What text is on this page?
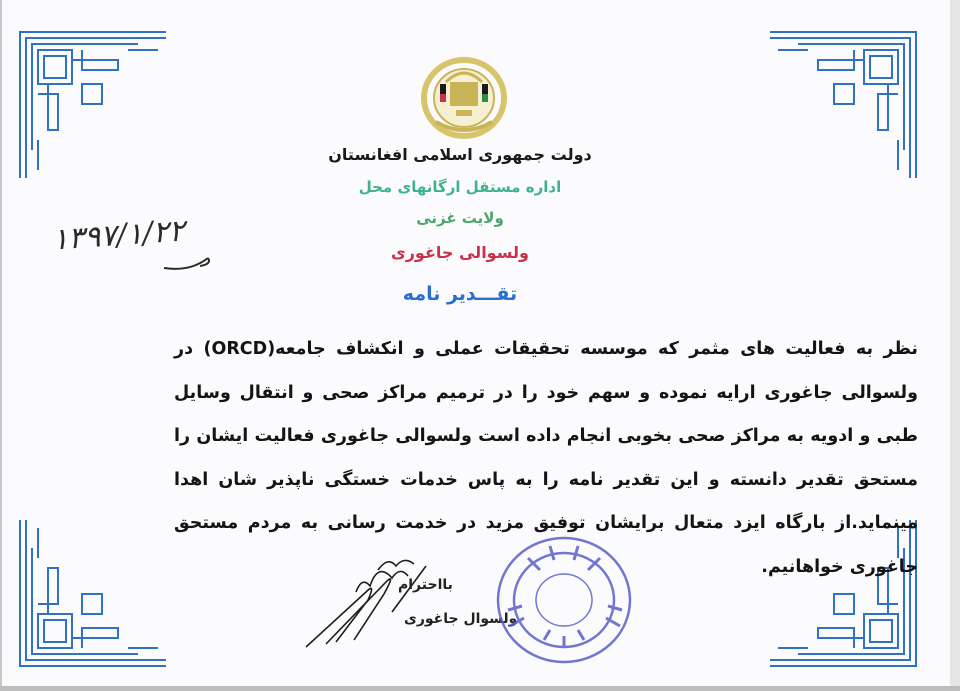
دولت جمهوری اسلامی افغانستان
اداره مستقل ارگانهای محل
ولایت غزنی
ولسوالی جاغوری
تقـــدیر نامه
۱۳۹۷/۱/۲۲

نظر به فعالیت های مثمر که موسسه تحقیقات عملی و انکشاف جامعه(ORCD) در ولسوالی جاغوری ارایه نموده و سهم خود را در ترمیم مراکز صحی و انتقال وسایل طبی و ادویه به مراکز صحی بخوبی انجام داده است ولسوالی جاغوری فعالیت ایشان را مستحق تقدیر دانسته و این تقدیر نامه را به پاس خدمات خستگی ناپذیر شان اهدا مینماید.از بارگاه ایزد متعال برایشان توفیق مزید در خدمت رسانی به مردم مستحق جاغوری خواهانیم.

بااحترام
ولسوال جاغوری
